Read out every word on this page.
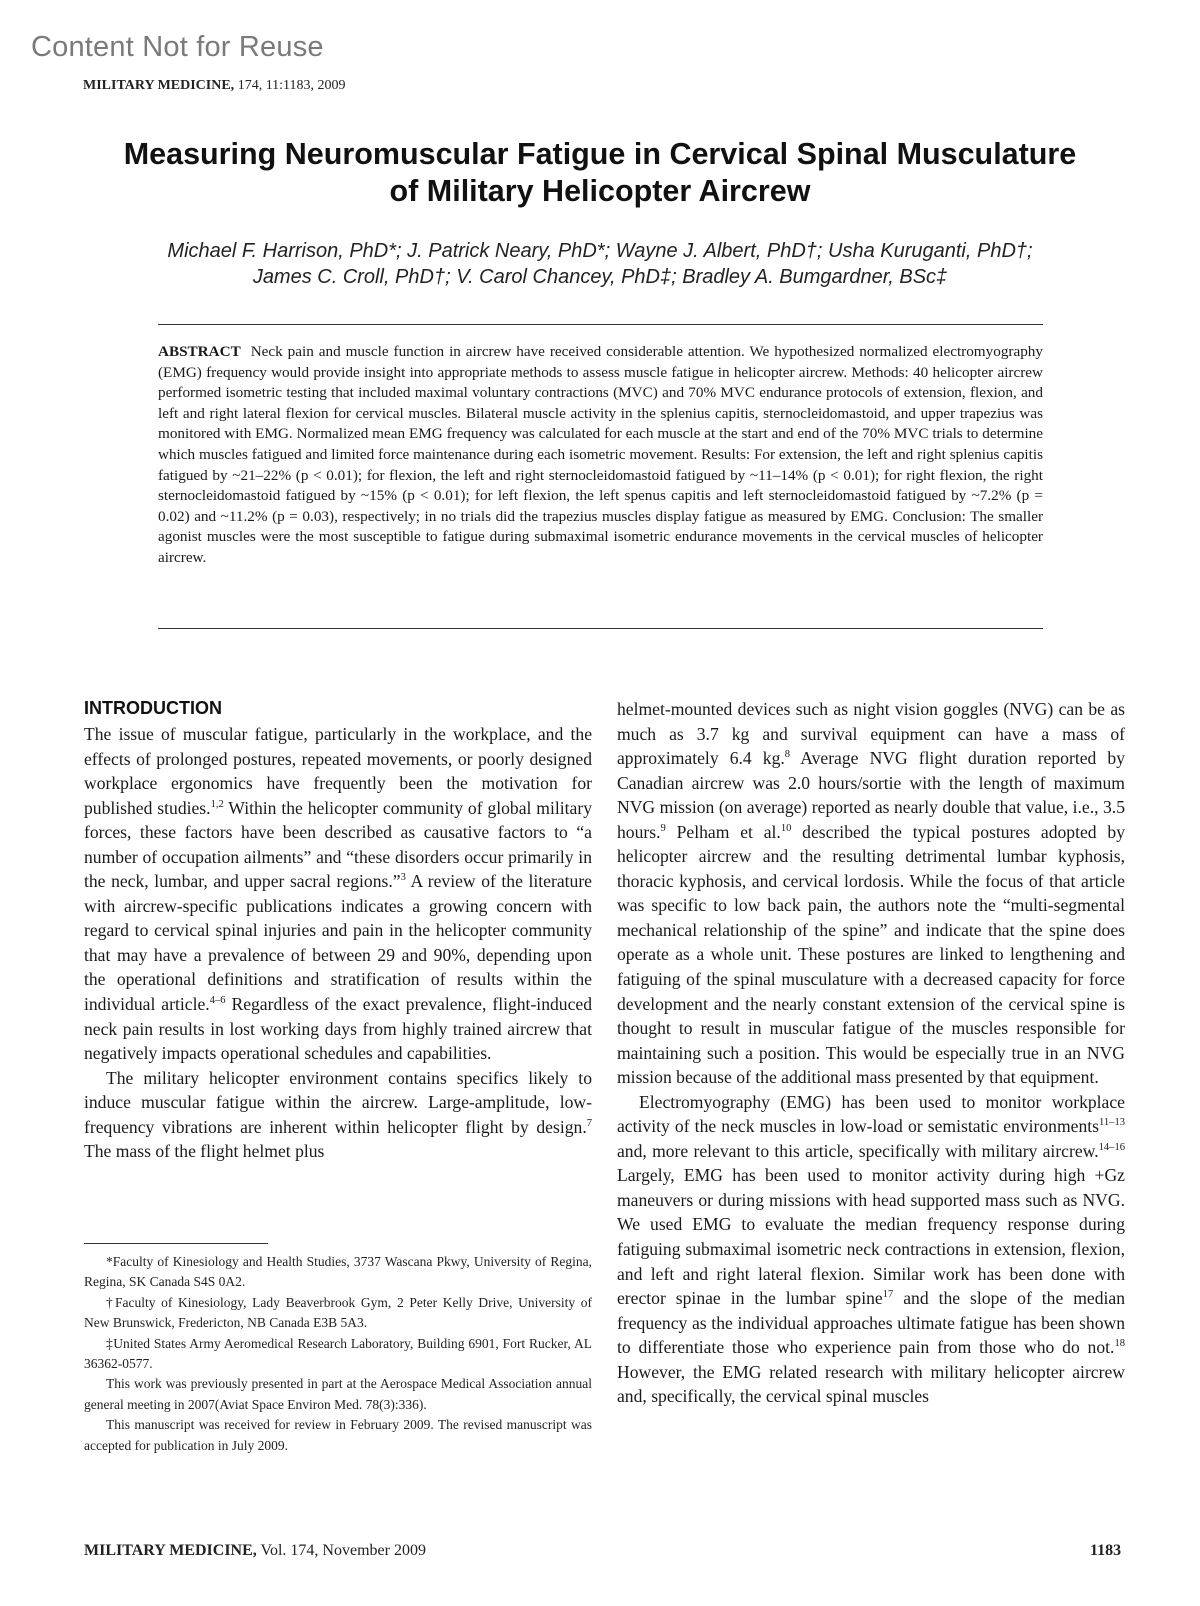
Content Not for Reuse
MILITARY MEDICINE, 174, 11:1183, 2009
Measuring Neuromuscular Fatigue in Cervical Spinal Musculature
of Military Helicopter Aircrew
Michael F. Harrison, PhD*; J. Patrick Neary, PhD*; Wayne J. Albert, PhD†; Usha Kuruganti, PhD†;
James C. Croll, PhD†; V. Carol Chancey, PhD‡; Bradley A. Bumgardner, BSc‡
ABSTRACT Neck pain and muscle function in aircrew have received considerable attention. We hypothesized normalized electromyography (EMG) frequency would provide insight into appropriate methods to assess muscle fatigue in helicopter aircrew. Methods: 40 helicopter aircrew performed isometric testing that included maximal voluntary contractions (MVC) and 70% MVC endurance protocols of extension, flexion, and left and right lateral flexion for cervical muscles. Bilateral muscle activity in the splenius capitis, sternocleidomastoid, and upper trapezius was monitored with EMG. Normalized mean EMG frequency was calculated for each muscle at the start and end of the 70% MVC trials to determine which muscles fatigued and limited force maintenance during each isometric movement. Results: For extension, the left and right splenius capitis fatigued by ~21–22% (p < 0.01); for flexion, the left and right sternocleidomastoid fatigued by ~11–14% (p < 0.01); for right flexion, the right sternocleidomastoid fatigued by ~15% (p < 0.01); for left flexion, the left spenus capitis and left sternocleidomastoid fatigued by ~7.2% (p = 0.02) and ~11.2% (p = 0.03), respectively; in no trials did the trapezius muscles display fatigue as measured by EMG. Conclusion: The smaller agonist muscles were the most susceptible to fatigue during submaximal isometric endurance movements in the cervical muscles of helicopter aircrew.
INTRODUCTION

The issue of muscular fatigue, particularly in the workplace, and the effects of prolonged postures, repeated movements, or poorly designed workplace ergonomics have frequently been the motivation for published studies.$^{1,2}$ Within the helicopter community of global military forces, these factors have been described as causative factors to “a number of occupation ailments” and “these disorders occur primarily in the neck, lumbar, and upper sacral regions.”$^3$ A review of the literature with aircrew-specific publications indicates a growing concern with regard to cervical spinal injuries and pain in the helicopter community that may have a prevalence of between 29 and 90%, depending upon the operational definitions and stratification of results within the individual article.$^{4-6}$ Regardless of the exact prevalence, flight-induced neck pain results in lost working days from highly trained aircrew that negatively impacts operational schedules and capabilities.

The military helicopter environment contains specifics likely to induce muscular fatigue within the aircrew. Large-amplitude, low-frequency vibrations are inherent within helicopter flight by design.$^7$ The mass of the flight helmet plus

*Faculty of Kinesiology and Health Studies, 3737 Wascana Pkwy, University of Regina, Regina, SK Canada S4S 0A2.

†Faculty of Kinesiology, Lady Beaverbrook Gym, 2 Peter Kelly Drive, University of New Brunswick, Fredericton, NB Canada E3B 5A3.

‡United States Army Aeromedical Research Laboratory, Building 6901, Fort Rucker, AL 36362-0577.

This work was previously presented in part at the Aerospace Medical Association annual general meeting in 2007(Aviat Space Environ Med. 78(3):336).

This manuscript was received for review in February 2009. The revised manuscript was accepted for publication in July 2009.

helmet-mounted devices such as night vision goggles (NVG) can be as much as 3.7 kg and survival equipment can have a mass of approximately 6.4 kg.$^8$ Average NVG flight duration reported by Canadian aircrew was 2.0 hours/sortie with the length of maximum NVG mission (on average) reported as nearly double that value, i.e., 3.5 hours.$^9$ Pelham et al.$^{10}$ described the typical postures adopted by helicopter aircrew and the resulting detrimental lumbar kyphosis, thoracic kyphosis, and cervical lordosis. While the focus of that article was specific to low back pain, the authors note the “multi-segmental mechanical relationship of the spine” and indicate that the spine does operate as a whole unit. These postures are linked to lengthening and fatiguing of the spinal musculature with a decreased capacity for force development and the nearly constant extension of the cervical spine is thought to result in muscular fatigue of the muscles responsible for maintaining such a position. This would be especially true in an NVG mission because of the additional mass presented by that equipment.

Electromyography (EMG) has been used to monitor workplace activity of the neck muscles in low-load or semistatic environments$^{11-13}$ and, more relevant to this article, specifically with military aircrew.$^{14-16}$ Largely, EMG has been used to monitor activity during high +Gz maneuvers or during missions with head supported mass such as NVG. We used EMG to evaluate the median frequency response during fatiguing submaximal isometric neck contractions in extension, flexion, and left and right lateral flexion. Similar work has been done with erector spinae in the lumbar spine$^{17}$ and the slope of the median frequency as the individual approaches ultimate fatigue has been shown to differentiate those who experience pain from those who do not.$^{18}$ However, the EMG related research with military helicopter aircrew and, specifically, the cervical spinal muscles

MILITARY MEDICINE, Vol. 174, November 2009	1183
